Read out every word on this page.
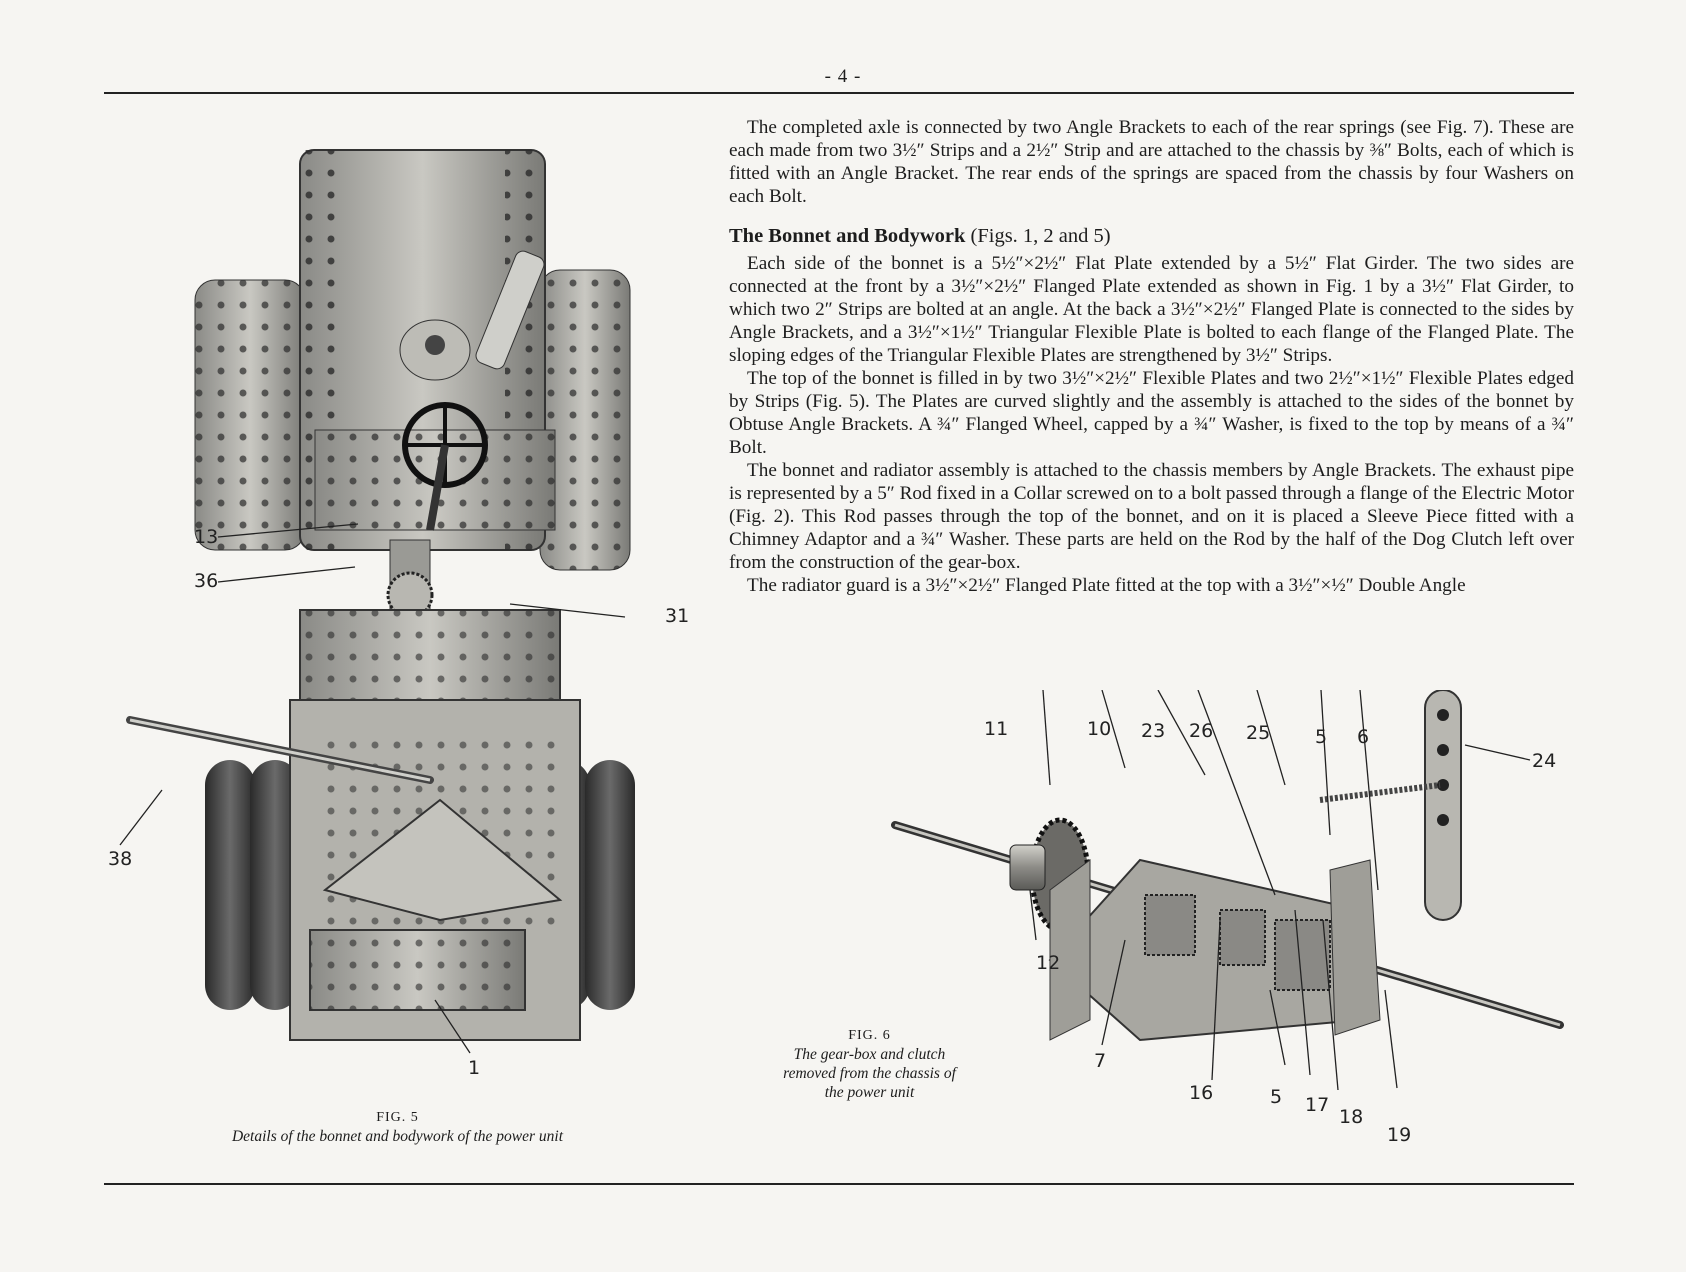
- 4 -

The completed axle is connected by two Angle Brackets to each of the rear springs (see Fig. 7). These are each made from two 3½″ Strips and a 2½″ Strip and are attached to the chassis by ⅜″ Bolts, each of which is fitted with an Angle Bracket. The rear ends of the springs are spaced from the chassis by four Washers on each Bolt.

The Bonnet and Bodywork (Figs. 1, 2 and 5)

Each side of the bonnet is a 5½″×2½″ Flat Plate extended by a 5½″ Flat Girder. The two sides are connected at the front by a 3½″×2½″ Flanged Plate extended as shown in Fig. 1 by a 3½″ Flat Girder, to which two 2″ Strips are bolted at an angle. At the back a 3½″×2½″ Flanged Plate is connected to the sides by Angle Brackets, and a 3½″×1½″ Triangular Flexible Plate is bolted to each flange of the Flanged Plate. The sloping edges of the Triangular Flexible Plates are strengthened by 3½″ Strips.

The top of the bonnet is filled in by two 3½″×2½″ Flexible Plates and two 2½″×1½″ Flexible Plates edged by Strips (Fig. 5). The Plates are curved slightly and the assembly is attached to the sides of the bonnet by Obtuse Angle Brackets. A ¾″ Flanged Wheel, capped by a ¾″ Washer, is fixed to the top by means of a ¾″ Bolt.

The bonnet and radiator assembly is attached to the chassis members by Angle Brackets. The exhaust pipe is represented by a 5″ Rod fixed in a Collar screwed on to a bolt passed through a flange of the Electric Motor (Fig. 2). This Rod passes through the top of the bonnet, and on it is placed a Sleeve Piece fitted with a Chimney Adaptor and a ¾″ Washer. These parts are held on the Rod by the half of the Dog Clutch left over from the construction of the gear-box.

The radiator guard is a 3½″×2½″ Flanged Plate fitted at the top with a 3½″×½″ Double Angle

13
36
31
38
1
FIG. 5
Details of the bonnet and bodywork of the power unit
11	10 23 26 25 5 6
24
12
7
16	5 17
18
19
FIG. 6
The gear-box and clutch removed from the chassis of the power unit
